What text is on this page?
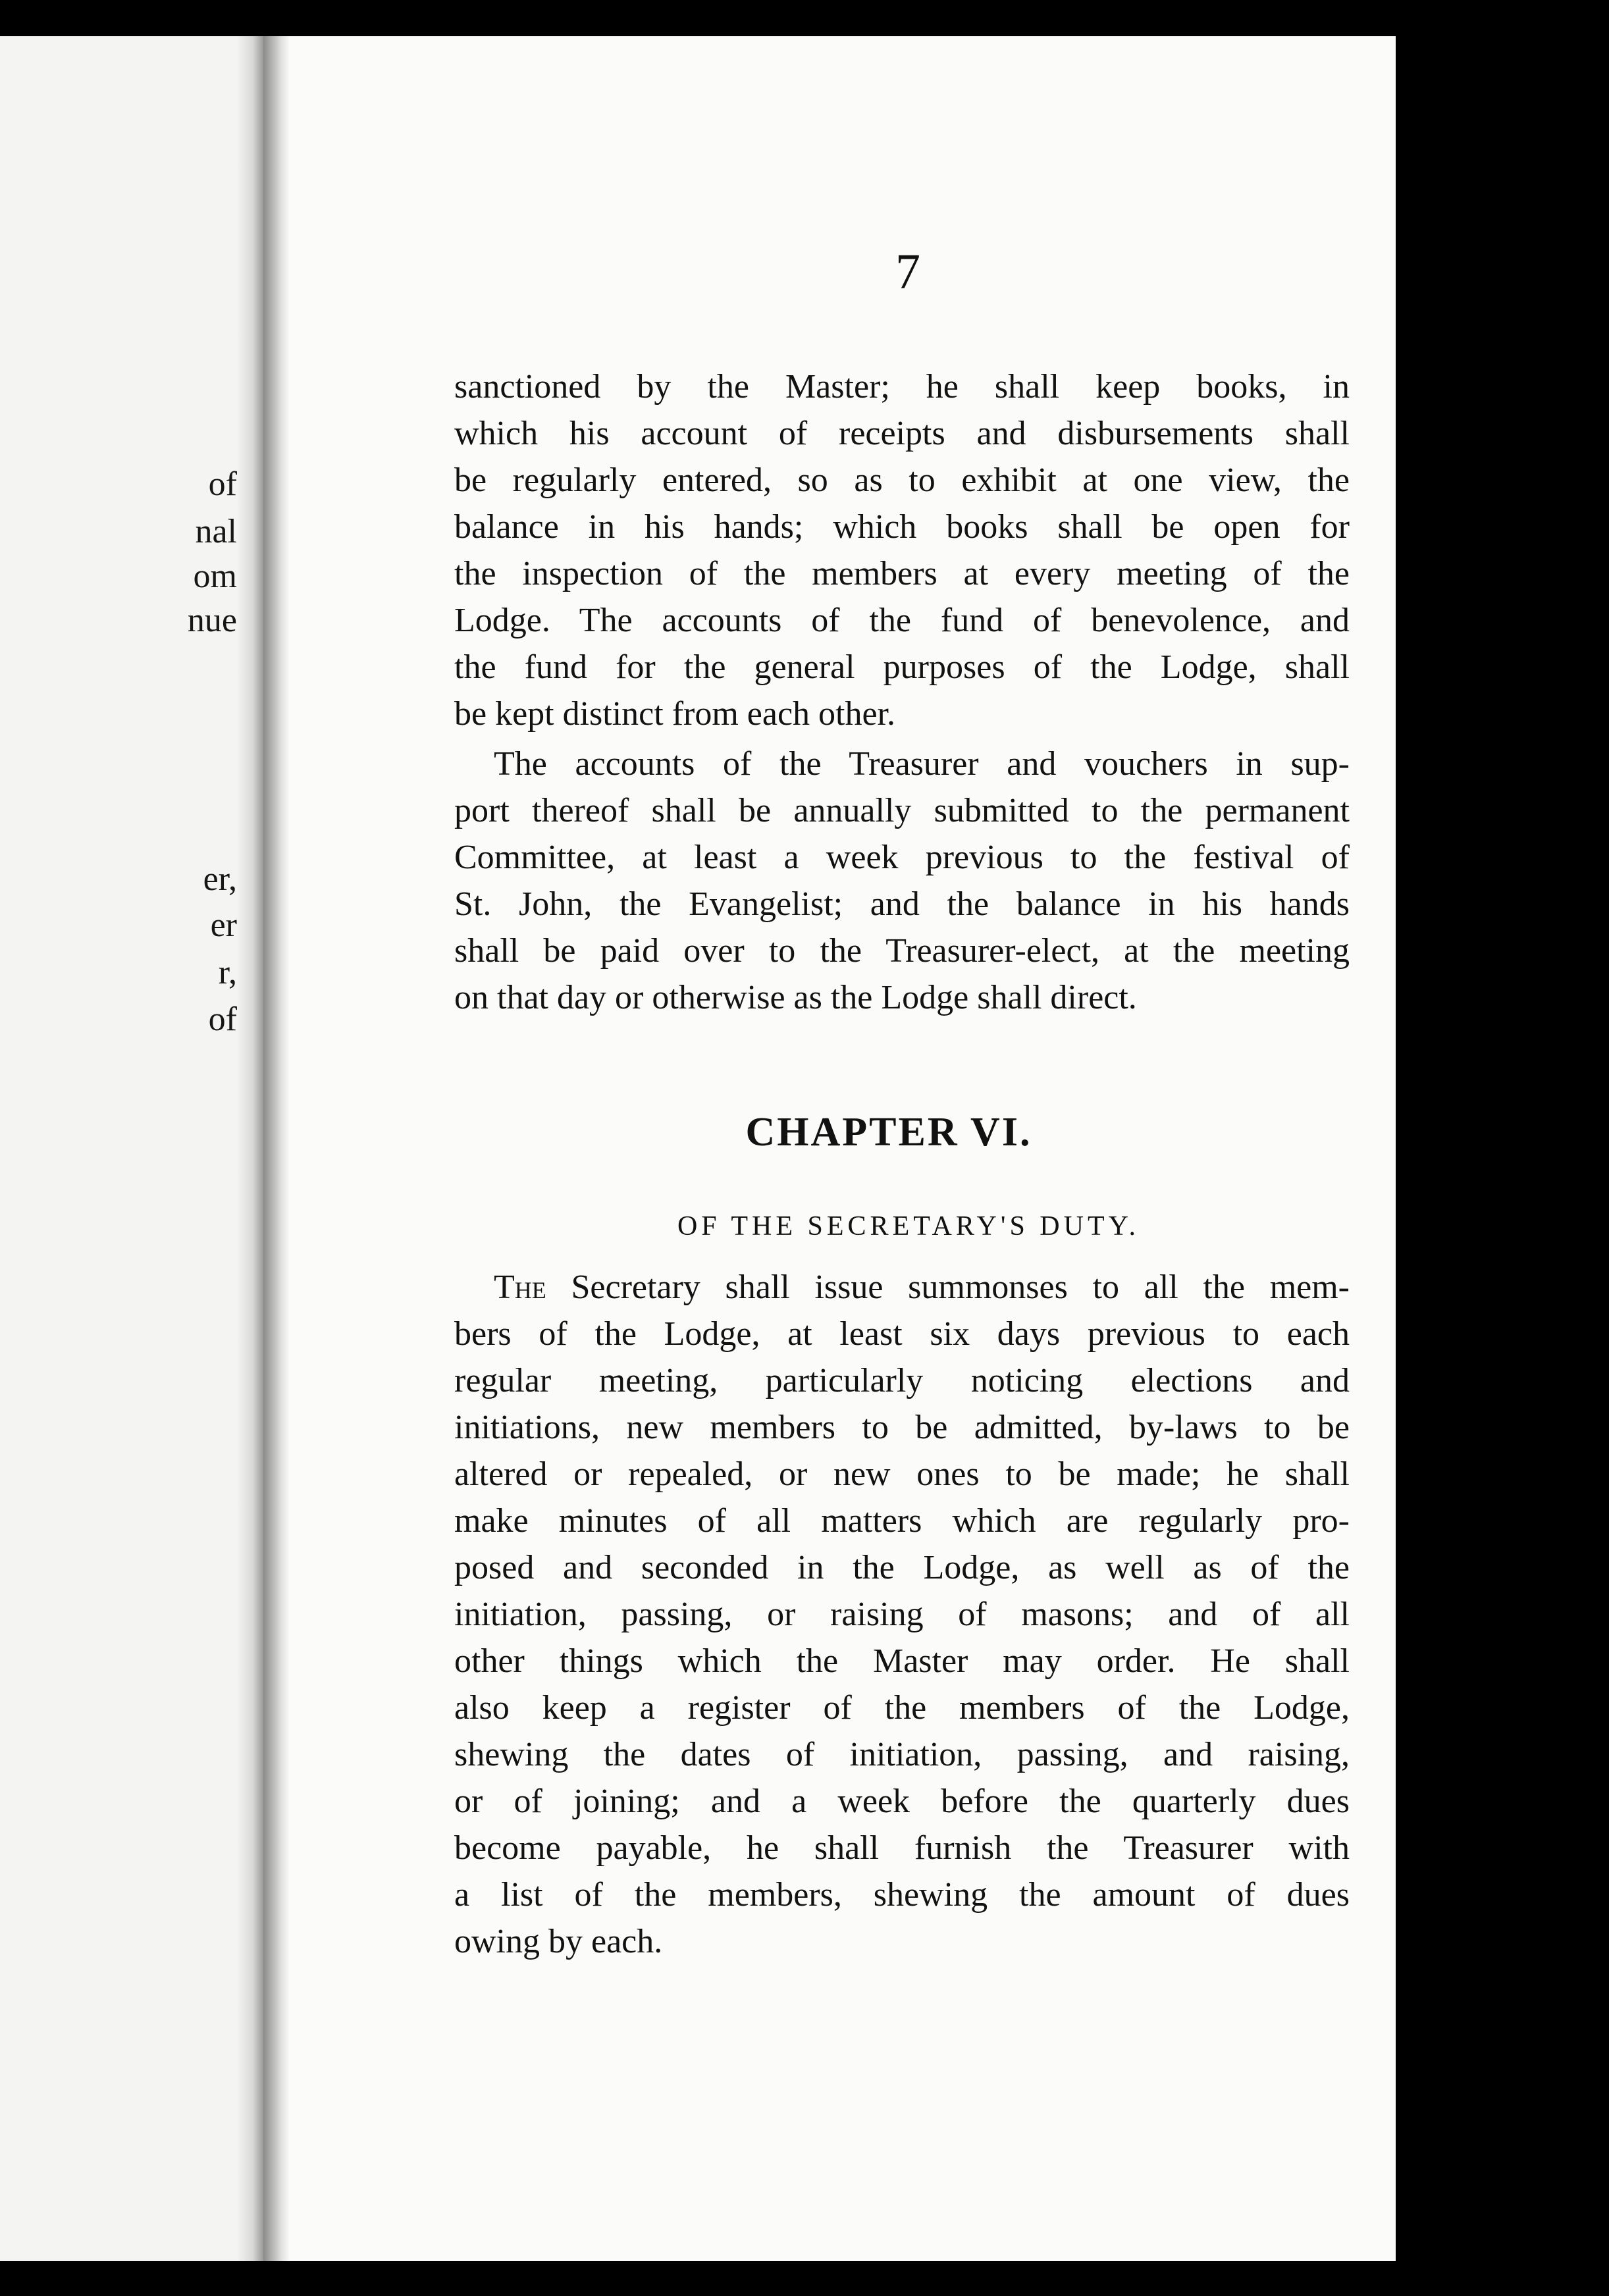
of
nal
om
nue
er,
er
r,
of
7
sanctioned by the Master; he shall keep books, in
which his account of receipts and disbursements shall
be regularly entered, so as to exhibit at one view, the
balance in his hands; which books shall be open for
the inspection of the members at every meeting of the
Lodge. The accounts of the fund of benevolence, and
the fund for the general purposes of the Lodge, shall
be kept distinct from each other.
The accounts of the Treasurer and vouchers in sup-
port thereof shall be annually submitted to the permanent
Committee, at least a week previous to the festival of
St. John, the Evangelist; and the balance in his hands
shall be paid over to the Treasurer-elect, at the meeting
on that day or otherwise as the Lodge shall direct.
CHAPTER VI.
OF THE SECRETARY'S DUTY.
The Secretary shall issue summonses to all the mem-
bers of the Lodge, at least six days previous to each
regular meeting, particularly noticing elections and
initiations, new members to be admitted, by-laws to be
altered or repealed, or new ones to be made; he shall
make minutes of all matters which are regularly pro-
posed and seconded in the Lodge, as well as of the
initiation, passing, or raising of masons; and of all
other things which the Master may order. He shall
also keep a register of the members of the Lodge,
shewing the dates of initiation, passing, and raising,
or of joining; and a week before the quarterly dues
become payable, he shall furnish the Treasurer with
a list of the members, shewing the amount of dues
owing by each.
